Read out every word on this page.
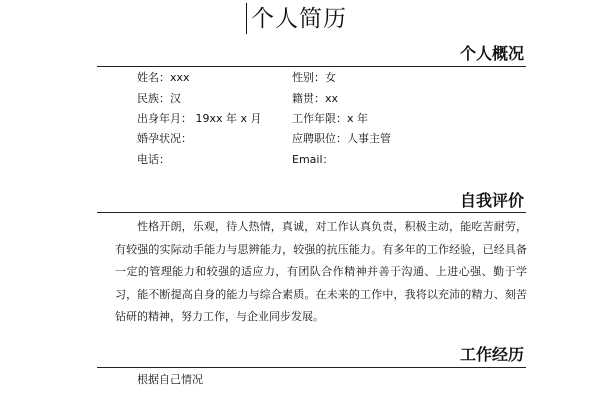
个人简历
个人概况
姓名：xxx	性别：女
民族：汉	籍贯：xx
出身年月： 19xx 年 x 月	工作年限：x 年
婚孕状况：	应聘职位：人事主管
电话：	Email：
自我评价
性格开朗，乐观，待人热情，真诚，对工作认真负责，积极主动，能吃苦耐劳，有较强的实际动手能力与思辨能力，较强的抗压能力。有多年的工作经验，已经具备一定的管理能力和较强的适应力，有团队合作精神并善于沟通、上进心强、勤于学习，能不断提高自身的能力与综合素质。在未来的工作中，我将以充沛的精力、刻苦钻研的精神，努力工作，与企业同步发展。
工作经历
根据自己情况
